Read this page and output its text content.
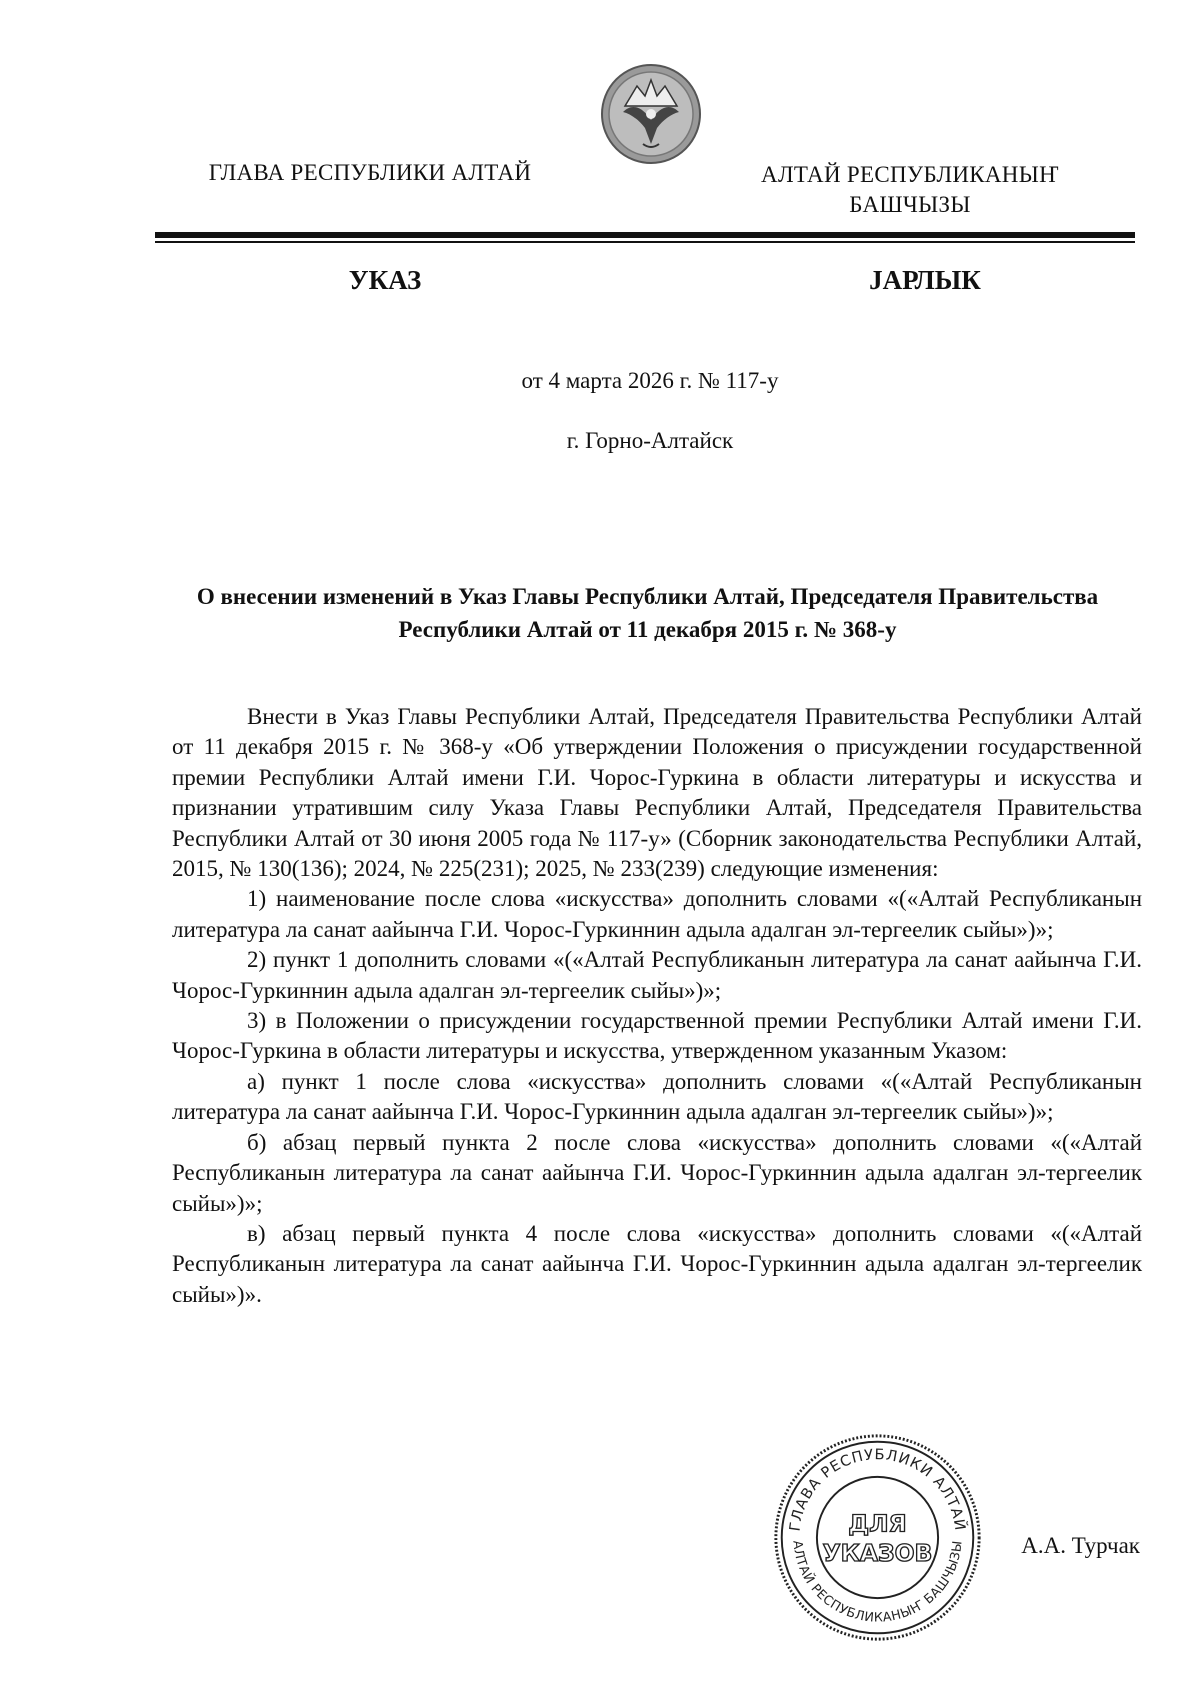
ГЛАВА РЕСПУБЛИКИ АЛТАЙ	АЛТАЙ РЕСПУБЛИКАНЫҤ
БАШЧЫЗЫ
УКАЗ	ЈАРЛЫК
от 4 марта 2026 г. № 117-у
г. Горно-Алтайск
О внесении изменений в Указ Главы Республики Алтай, Председателя Правительства
Республики Алтай от 11 декабря 2015 г. № 368-у

Внести в Указ Главы Республики Алтай, Председателя Правительства Республики Алтай от 11 декабря 2015 г. № 368-у «Об утверждении Положения о присуждении государственной премии Республики Алтай имени Г.И. Чорос-Гуркина в области литературы и искусства и признании утратившим силу Указа Главы Республики Алтай, Председателя Правительства Республики Алтай от 30 июня 2005 года № 117-у» (Сборник законодательства Республики Алтай, 2015, № 130(136); 2024, № 225(231); 2025, № 233(239) следующие изменения:

1) наименование после слова «искусства» дополнить словами «(«Алтай Республиканын литература ла санат аайынча Г.И. Чорос-Гуркиннин адыла адалган эл-тергеелик сыйы»)»;

2) пункт 1 дополнить словами «(«Алтай Республиканын литература ла санат аайынча Г.И. Чорос-Гуркиннин адыла адалган эл-тергеелик сыйы»)»;

3) в Положении о присуждении государственной премии Республики Алтай имени Г.И. Чорос-Гуркина в области литературы и искусства, утвержденном указанным Указом:

а) пункт 1 после слова «искусства» дополнить словами «(«Алтай Республиканын литература ла санат аайынча Г.И. Чорос-Гуркиннин адыла адалган эл-тергеелик сыйы»)»;

б) абзац первый пункта 2 после слова «искусства» дополнить словами «(«Алтай Республиканын литература ла санат аайынча Г.И. Чорос-Гуркиннин адыла адалган эл-тергеелик сыйы»)»;

в) абзац первый пункта 4 после слова «искусства» дополнить словами «(«Алтай Республиканын литература ла санат аайынча Г.И. Чорос-Гуркиннин адыла адалган эл-тергеелик сыйы»)».

ГЛАВА РЕСПУБЛИКИ АЛТАЙ
АЛТАЙ РЕСПУБЛИКАНЫҤ БАШЧЫЗЫ
ДЛЯ
УКАЗОВ	А.А. Турчак
